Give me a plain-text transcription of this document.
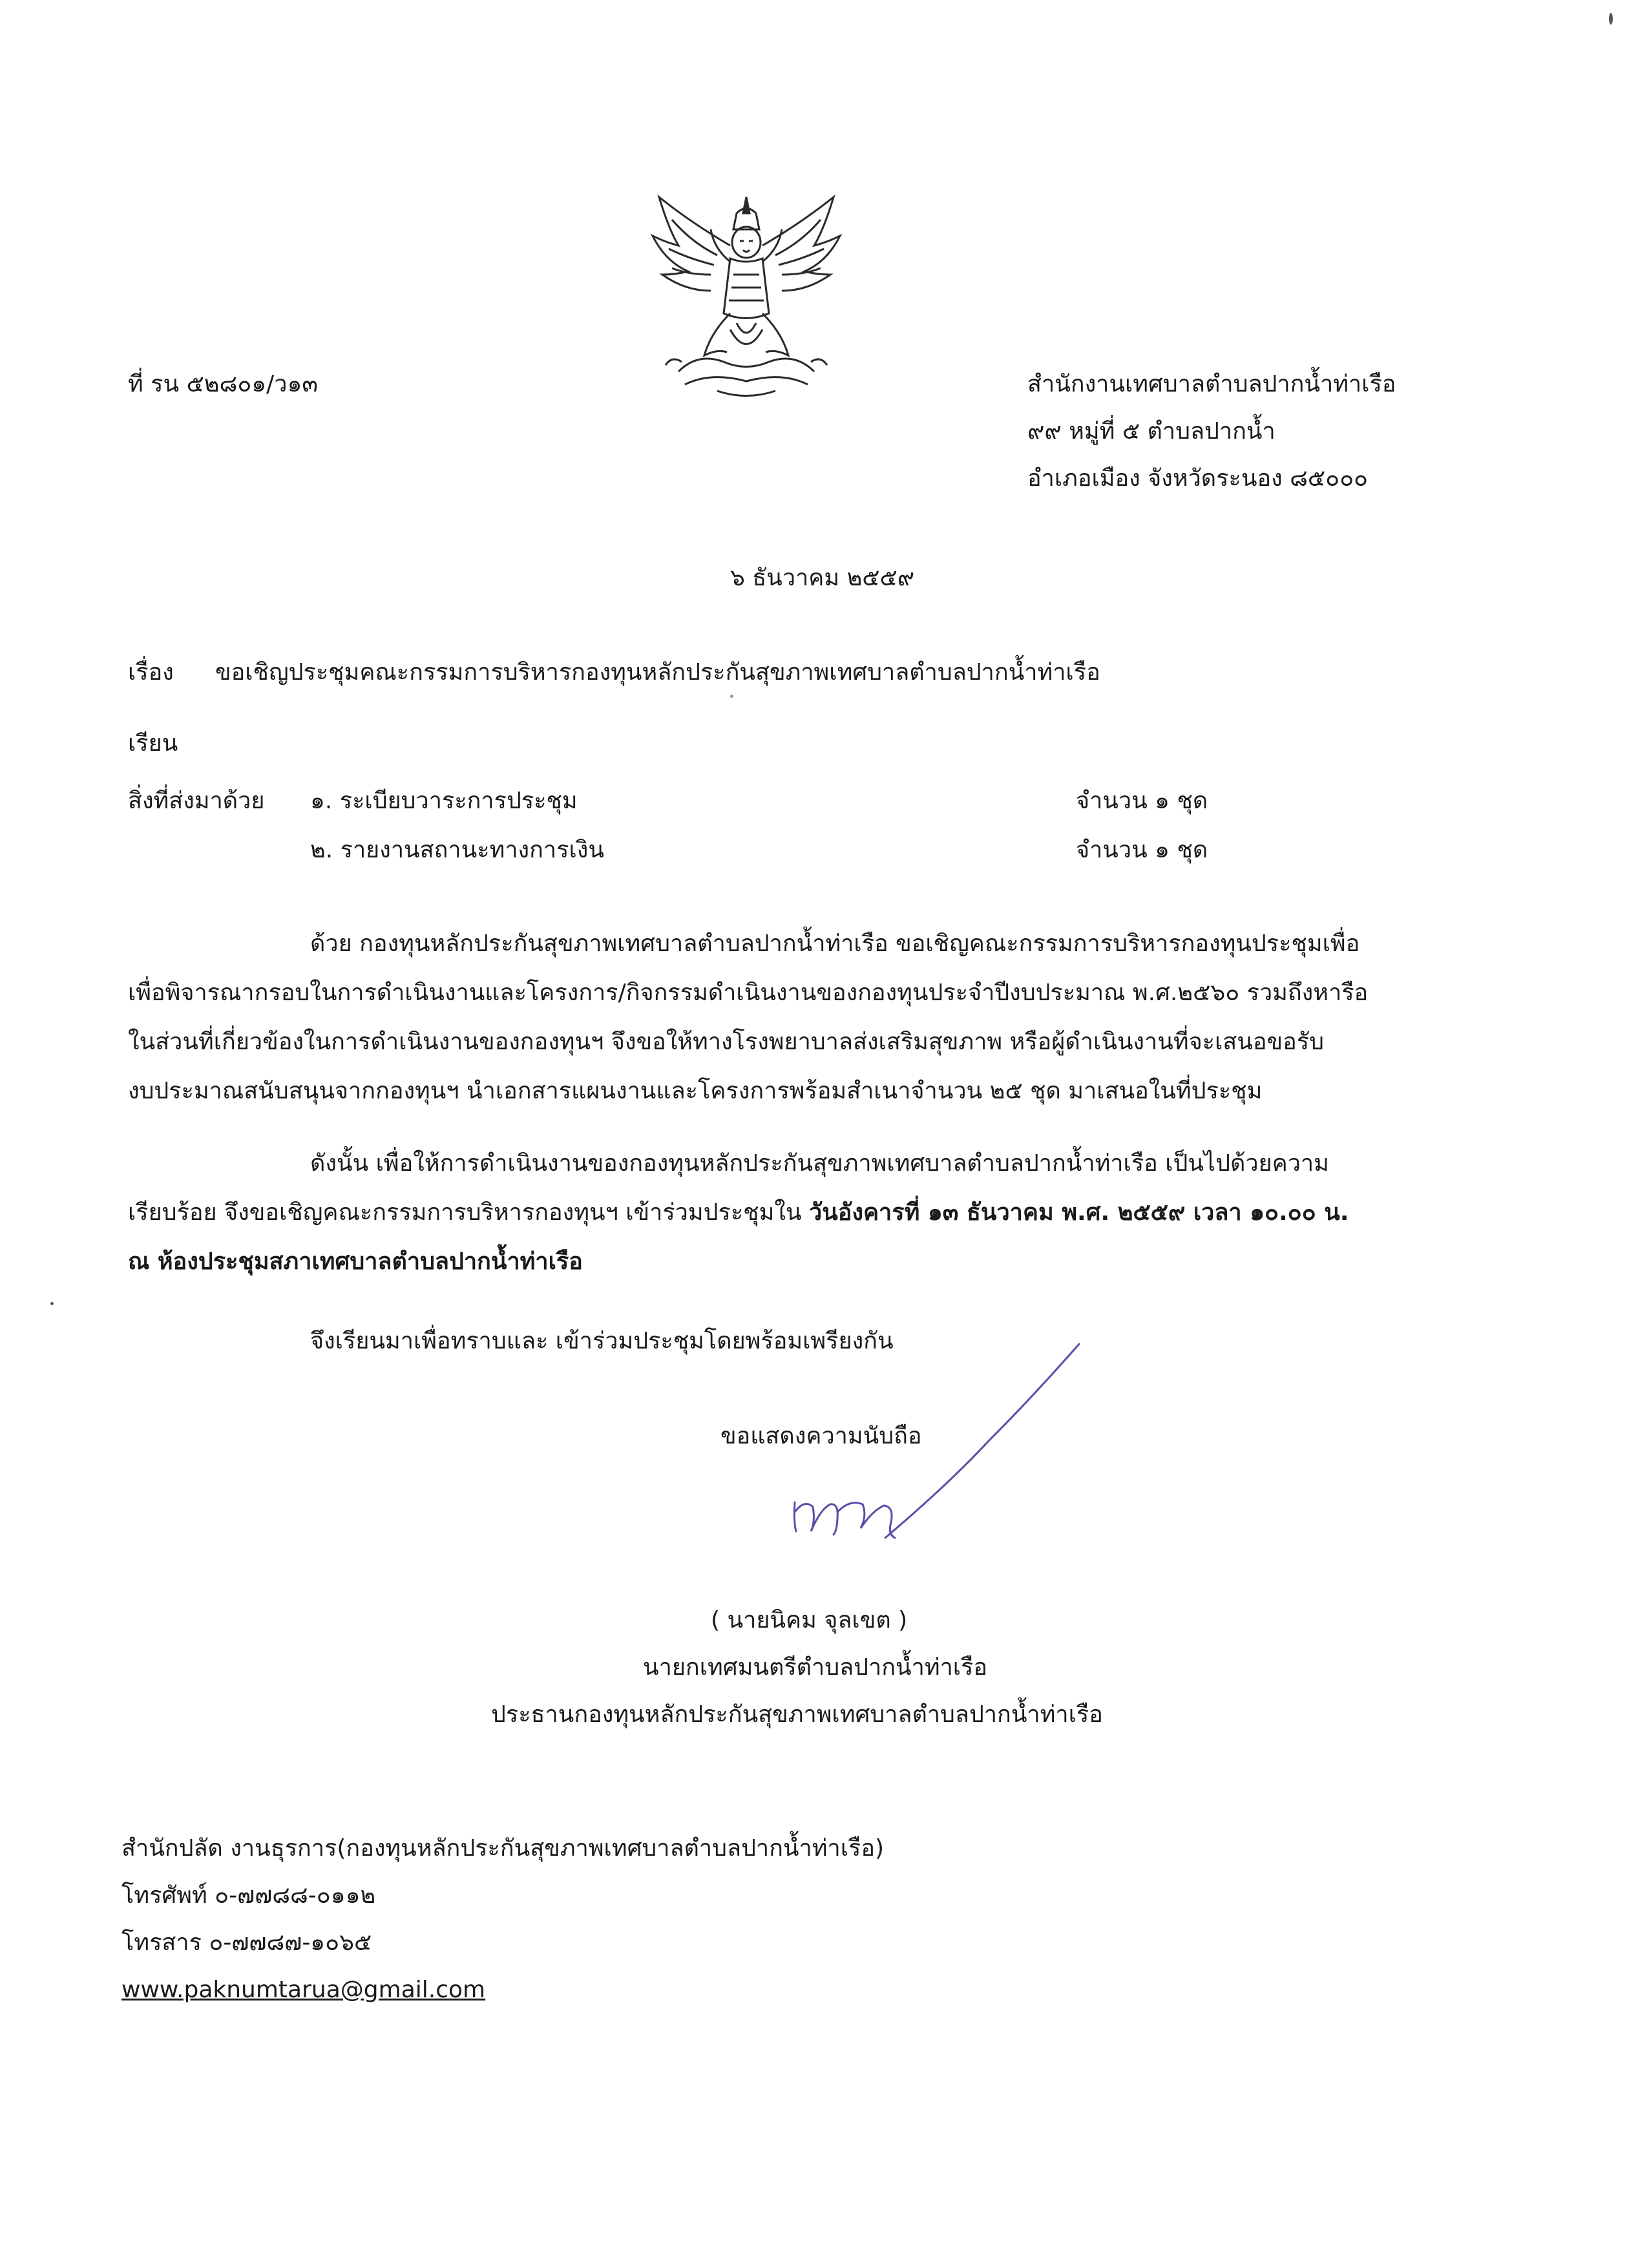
ที่ รน ๕๒๘๐๑/ว๑๓	สำนักงานเทศบาลตำบลปากน้ำท่าเรือ
๙๙ หมู่ที่ ๕ ตำบลปากน้ำ
อำเภอเมือง จังหวัดระนอง ๘๕๐๐๐
๖ ธันวาคม ๒๕๕๙
เรื่อง ขอเชิญประชุมคณะกรรมการบริหารกองทุนหลักประกันสุขภาพเทศบาลตำบลปากน้ำท่าเรือ
เรียน
สิ่งที่ส่งมาด้วย ๑. ระเบียบวาระการประชุม	จำนวน ๑ ชุด
๒. รายงานสถานะทางการเงิน	จำนวน ๑ ชุด
ด้วย กองทุนหลักประกันสุขภาพเทศบาลตำบลปากน้ำท่าเรือ ขอเชิญคณะกรรมการบริหารกองทุนประชุมเพื่อ
เพื่อพิจารณากรอบในการดำเนินงานและโครงการ/กิจกรรมดำเนินงานของกองทุนประจำปีงบประมาณ พ.ศ.๒๕๖๐ รวมถึงหารือ
ในส่วนที่เกี่ยวข้องในการดำเนินงานของกองทุนฯ จึงขอให้ทางโรงพยาบาลส่งเสริมสุขภาพ หรือผู้ดำเนินงานที่จะเสนอขอรับ
งบประมาณสนับสนุนจากกองทุนฯ นำเอกสารแผนงานและโครงการพร้อมสำเนาจำนวน ๒๕ ชุด มาเสนอในที่ประชุม
ดังนั้น เพื่อให้การดำเนินงานของกองทุนหลักประกันสุขภาพเทศบาลตำบลปากน้ำท่าเรือ เป็นไปด้วยความ
เรียบร้อย จึงขอเชิญคณะกรรมการบริหารกองทุนฯ เข้าร่วมประชุมใน วันอังคารที่ ๑๓ ธันวาคม พ.ศ. ๒๕๕๙ เวลา ๑๐.๐๐ น.
ณ ห้องประชุมสภาเทศบาลตำบลปากน้ำท่าเรือ
จึงเรียนมาเพื่อทราบและ เข้าร่วมประชุมโดยพร้อมเพรียงกัน
ขอแสดงความนับถือ
( นายนิคม จุลเขต )
นายกเทศมนตรีตำบลปากน้ำท่าเรือ
ประธานกองทุนหลักประกันสุขภาพเทศบาลตำบลปากน้ำท่าเรือ
สำนักปลัด งานธุรการ(กองทุนหลักประกันสุขภาพเทศบาลตำบลปากน้ำท่าเรือ)
โทรศัพท์ ๐-๗๗๘๘-๐๑๑๒
โทรสาร ๐-๗๗๘๗-๑๐๖๕
www.paknumtarua@gmail.com
